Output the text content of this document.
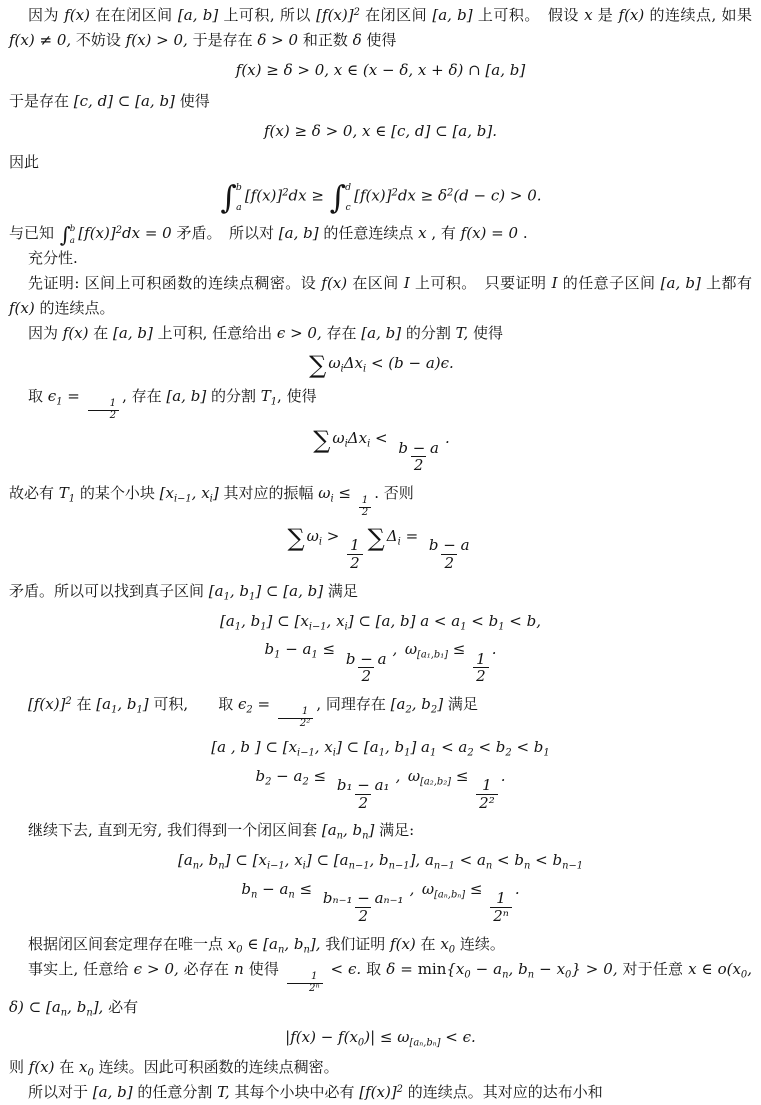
因为 f(x) 在在闭区间 [a, b] 上可积, 所以 $[f(x)]^2$ 在闭区间 [a, b] 上可积。　假设 x 是 f(x) 的连续点, 如果 f(x) ≠ 0, 不妨设 f(x) > 0, 于是存在 δ > 0 和正数 δ 使得
f(x) ≥ δ > 0, x ∈ (x − δ, x + δ) ∩ [a, b]
于是存在 [c, d] ⊂ [a, b] 使得
f(x) ≥ δ > 0, x ∈ [c, d] ⊂ [a, b].
因此
∫ b
a
$[f(x)]^2dx$ ≥ ∫ d
c
$[f(x)]^2dx \ge \delta^2(d - c) > 0$.
与已知 ∫ b
a $[f(x)]^2dx = 0$ 矛盾。　所以对 [a, b] 的任意连续点 x , 有 f(x) = 0 .
充分性.
先证明: 区间上可积函数的连续点稠密。设 f(x) 在区间 I 上可积。　只要证明 I 的任意子区间 [a, b] 上都有 f(x) 的连续点。
因为 f(x) 在 [a, b] 上可积, 任意给出 ϵ > 0, 存在 [a, b] 的分割 T, 使得
∑ $\omega_i\Delta x_i < (b - a)\epsilon$.
取 $\epsilon_1$ =
$\frac{1}{2}$
, 存在 [a, b] 的分割 $T_1$, 使得
∑ $\omega_i\Delta x_i$ <
$\frac{b - a}{2}$
.
故必有 $T_1$ 的某个小块 [$x_{i-1}$, $x_i$] 其对应的振幅 $\omega_i$ ≤
$\frac{1}{2}$
. 否则
∑ $\omega_i$ >
$\frac{1}{2}$ ∑ $\Delta_i$ =
$\frac{b - a}{2}$
矛盾。所以可以找到真子区间 [$a_1$, $b_1$] ⊂ [a, b] 满足
[$a_1$, $b_1$] ⊂ [$x_{i-1}$, $x_i$] ⊂ [a, b] $a < a_1 < b_1 < b$,
$b_1 - a_1$ ≤
$\frac{b - a}{2}$
, $\omega_{[a_1,b_1]}$ ≤
$\frac{1}{2}$
.
$[f(x)]^2$ 在 [$a_1$, $b_1$] 可积,　　取 $\epsilon_2$ =
$\frac{1}{\text{2²}}$
, 同理存在 [$a_2$, $b_2$] 满足
[a , b ] ⊂ [$x_{i-1}$, $x_i$] ⊂ [$a_1$, $b_1$] $a_1 < a_2 < b_2 < b_1$
$b_2 - a_2$ ≤
$\frac{\text{b₁ − a₁}}{2}$
, $\omega_{[a_2,b_2]}$ ≤
$\frac{1}{\text{2²}}$
.
继续下去, 直到无穷, 我们得到一个闭区间套 [$a_n$, $b_n$] 满足:
[$a_n$, $b_n$] ⊂ [$x_{i-1}$, $x_i$] ⊂ [$a_{n-1}$, $b_{n-1}$], $a_{n-1} < a_n < b_n < b_{n-1}$
$b_n - a_n$ ≤
$\frac{\text{bₙ₋₁ − aₙ₋₁}}{2}$
, $\omega_{[a_n,b_n]}$ ≤
$\frac{1}{\text{2ⁿ}}$
.
根据闭区间套定理存在唯一点 $x_0$ ∈ [$a_n$, $b_n$], 我们证明 f(x) 在 $x_0$ 连续。
事实上, 任意给 ϵ > 0, 必存在 n 使得
$\frac{1}{\text{2ⁿ}}$
< ϵ. 取 $\delta = \min\{x_0 - a_n$, $b_n - x_0\} > 0$, 对于任意 x ∈ $o(x_0$, δ) ⊂ [$a_n$, $b_n$], 必有
$|f(x) - f(x_0)| \le \omega_{[a_n,b_n]} < \epsilon$.
则 f(x) 在 $x_0$ 连续。因此可积函数的连续点稠密。
所以对于 [a, b] 的任意分割 T, 其每个小块中必有 $[f(x)]^2$ 的连续点。其对应的达布小和
